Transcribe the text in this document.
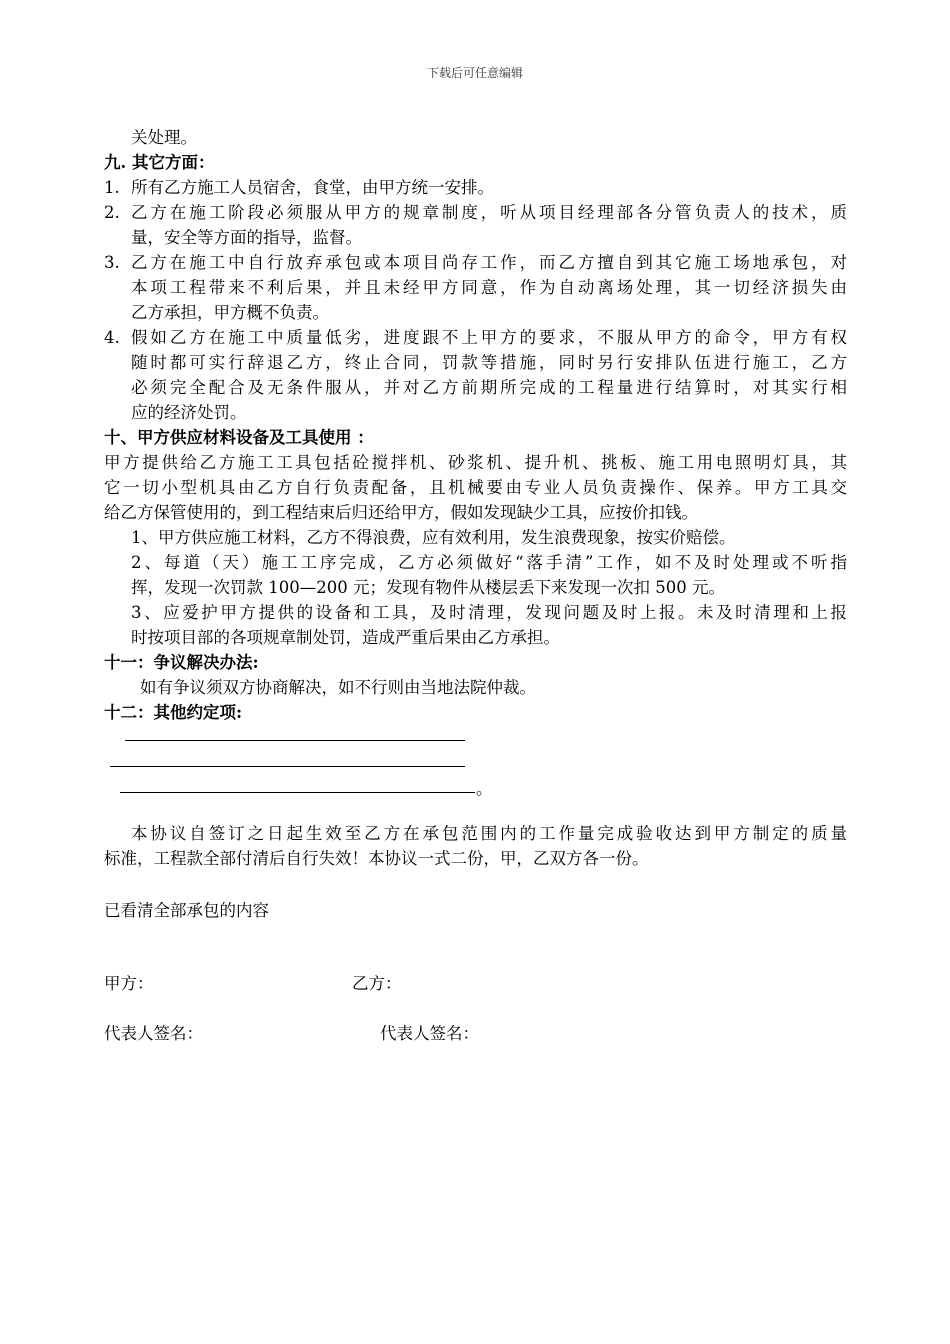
下载后可任意编辑
关处理。
九. 其它方面：
1. 所有乙方施工人员宿舍，食堂，由甲方统一安排。
2. 乙方在施工阶段必须服从甲方的规章制度，听从项目经理部各分管负责人的技术，质
量，安全等方面的指导，监督。
3. 乙方在施工中自行放弃承包或本项目尚存工作，而乙方擅自到其它施工场地承包，对
本项工程带来不利后果，并且未经甲方同意，作为自动离场处理，其一切经济损失由
乙方承担，甲方概不负责。
4. 假如乙方在施工中质量低劣，进度跟不上甲方的要求，不服从甲方的命令，甲方有权
随时都可实行辞退乙方，终止合同，罚款等措施，同时另行安排队伍进行施工，乙方
必须完全配合及无条件服从，并对乙方前期所完成的工程量进行结算时，对其实行相
应的经济处罚。
十、甲方供应材料设备及工具使用 ：
甲方提供给乙方施工工具包括砼搅拌机、砂浆机、提升机、挑板、施工用电照明灯具，其
它一切小型机具由乙方自行负责配备，且机械要由专业人员负责操作、保养。甲方工具交
给乙方保管使用的，到工程结束后归还给甲方，假如发现缺少工具，应按价扣钱。
1、甲方供应施工材料，乙方不得浪费，应有效利用，发生浪费现象，按实价赔偿。
2、每道（天）施工工序完成，乙方必须做好“落手清”工作，如不及时处理或不听指
挥，发现一次罚款 100—200 元；发现有物件从楼层丢下来发现一次扣 500 元。
3、应爱护甲方提供的设备和工具，及时清理，发现问题及时上报。未及时清理和上报
时按项目部的各项规章制处罚，造成严重后果由乙方承担。
十一：争议解决办法:
如有争议须双方协商解决，如不行则由当地法院仲裁。
十二：其他约定项:
。
本协议自签订之日起生效至乙方在承包范围内的工作量完成验收达到甲方制定的质量
标准，工程款全部付清后自行失效！本协议一式二份，甲，乙双方各一份。
已看清全部承包的内容
甲方：	乙方：
代表人签名：	代表人签名：
